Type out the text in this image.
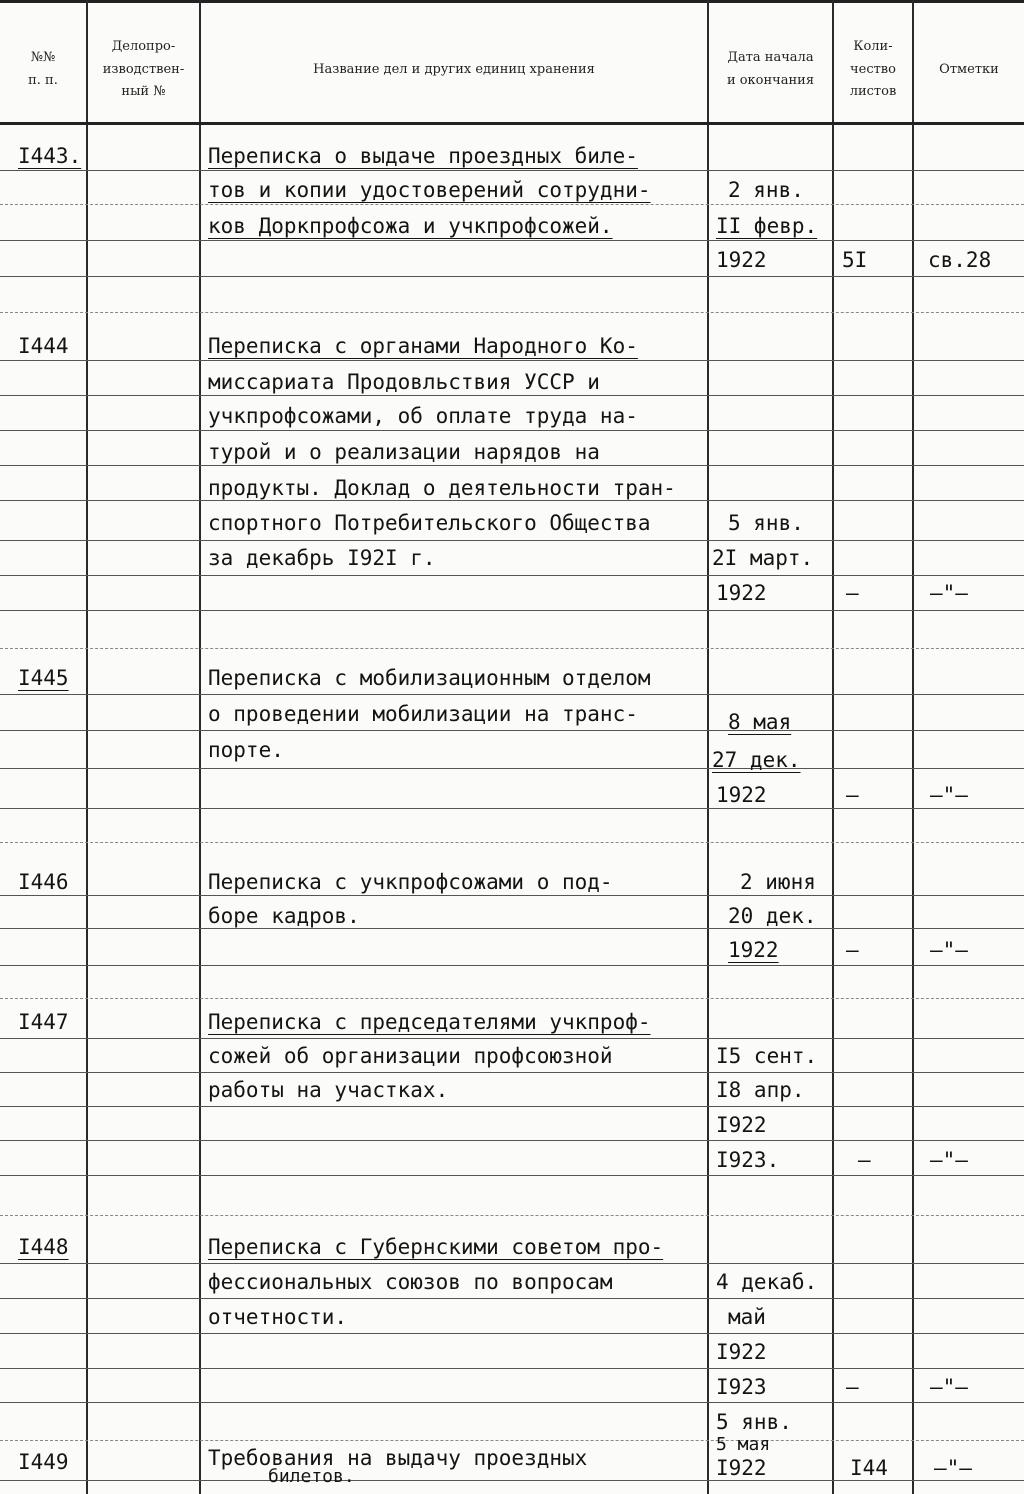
№№
п. п.
Делопро-
изводствен-
ный №
Название дел и других единиц хранения
Дата начала
и окончания
Коли-
чество
листов
Отметки
I443.	Переписка о выдаче проездных биле-
тов и копии удостоверений сотрудни-
ков Доркпрофсожа и учкпрофсожей.
2 янв.
II февр.
1922	5I	св.28
I444	Переписка с органами Народного Ко-
миссариата Продовльствия УССР и
учкпрофсожами, об оплате труда на-
турой и о реализации нарядов на
продукты. Доклад о деятельности тран-
спортного Потребительского Общества
за декабрь I92I г.
5 янв.
2I март.
1922	–	–"–
I445	Переписка с мобилизационным отделом
о проведении мобилизации на транс-
порте.
8 мая
27 дек.
1922	–	–"–
I446	Переписка с учкпрофсожами о под-
боре кадров.
2 июня
20 дек.
1922	–	–"–
I447	Переписка с председателями учкпроф-
сожей об организации профсоюзной
работы на участках.
I5 сент.
I8 апр.
I922
I923.	–	–"–
I448	Переписка с Губернскими советом про-
фессиональных союзов по вопросам
отчетности.
4 декаб.
май
I922
I923	–	–"–
I449	Требования на выдачу проездных
билетов.
5 янв.
5 мая
I922	I44 –"–
